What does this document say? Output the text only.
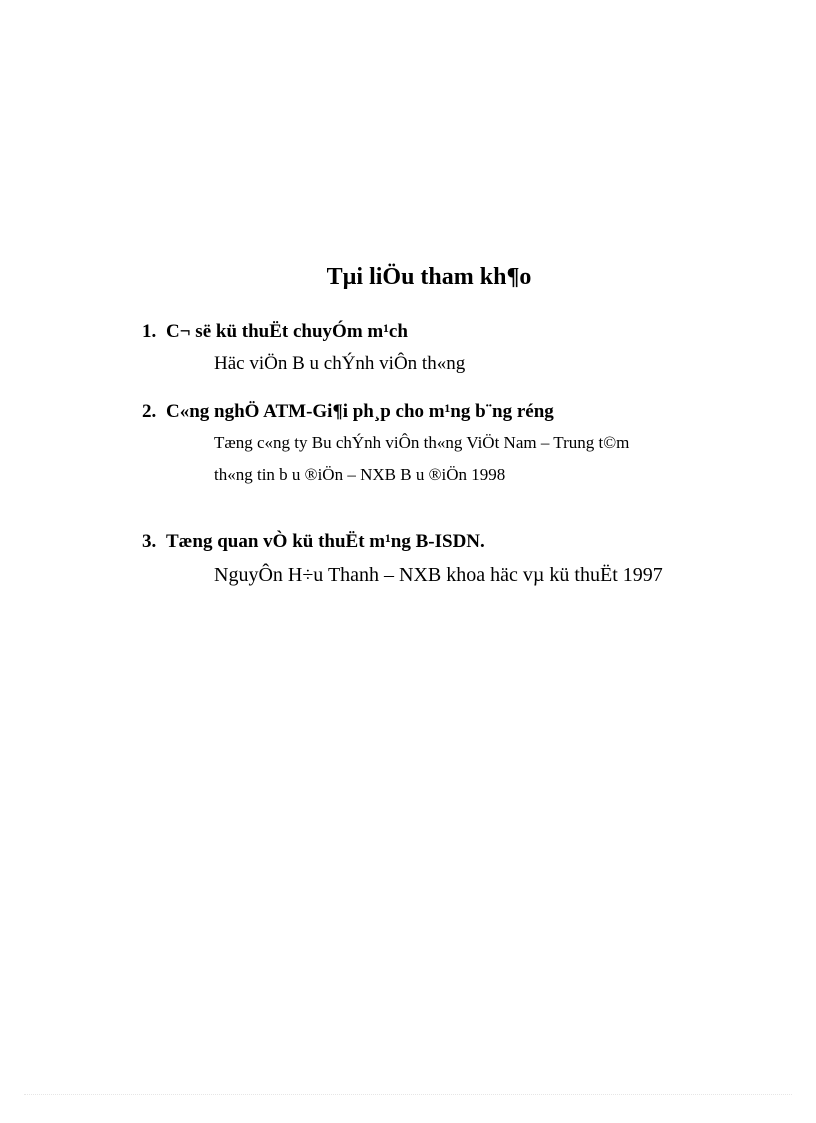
Tµi liÖu tham kh¶o
1. C¬ së kü thuËt chuyÓm m¹ch
Häc viÖn B u chÝnh viÔn th«ng
2. C«ng nghÖ ATM-Gi¶i ph¸p cho m¹ng b¨ng réng
Tæng c«ng ty Bu chÝnh viÔn th«ng ViÖt Nam – Trung t©m
th«ng tin b u ®iÖn – NXB B u ®iÖn 1998
3. Tæng quan vÒ kü thuËt m¹ng B-ISDN.
NguyÔn H÷u Thanh – NXB khoa häc vµ kü thuËt 1997
